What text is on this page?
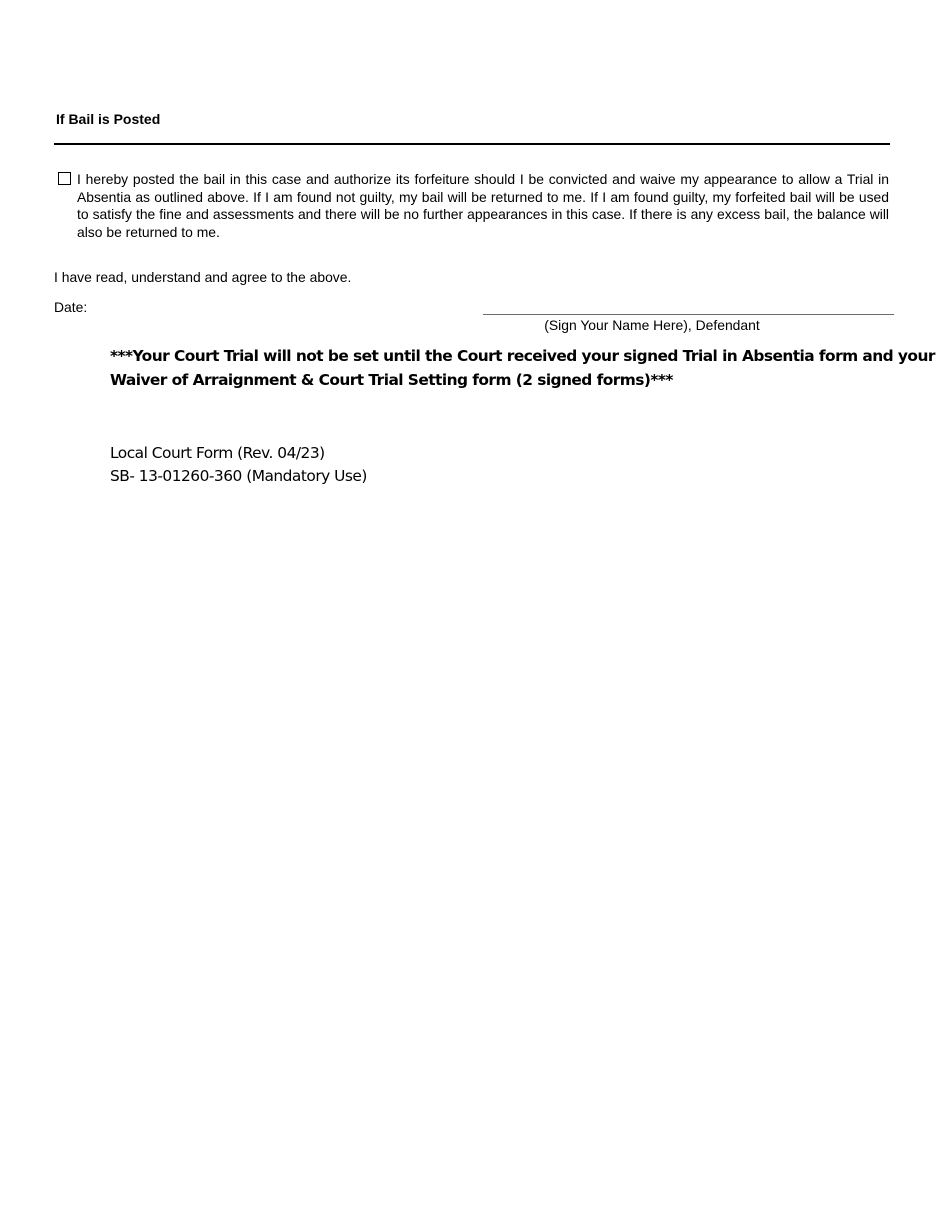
If Bail is Posted
I hereby posted the bail in this case and authorize its forfeiture should I be convicted and waive my appearance to allow a Trial in Absentia as outlined above. If I am found not guilty, my bail will be returned to me. If I am found guilty, my forfeited bail will be used to satisfy the fine and assessments and there will be no further appearances in this case. If there is any excess bail, the balance will also be returned to me.
I have read, understand and agree to the above.
Date:
(Sign Your Name Here), Defendant
***Your Court Trial will not be set until the Court received your signed Trial in Absentia form and your
Waiver of Arraignment & Court Trial Setting form (2 signed forms)***
Local Court Form (Rev. 04/23)
SB- 13-01260-360 (Mandatory Use)
